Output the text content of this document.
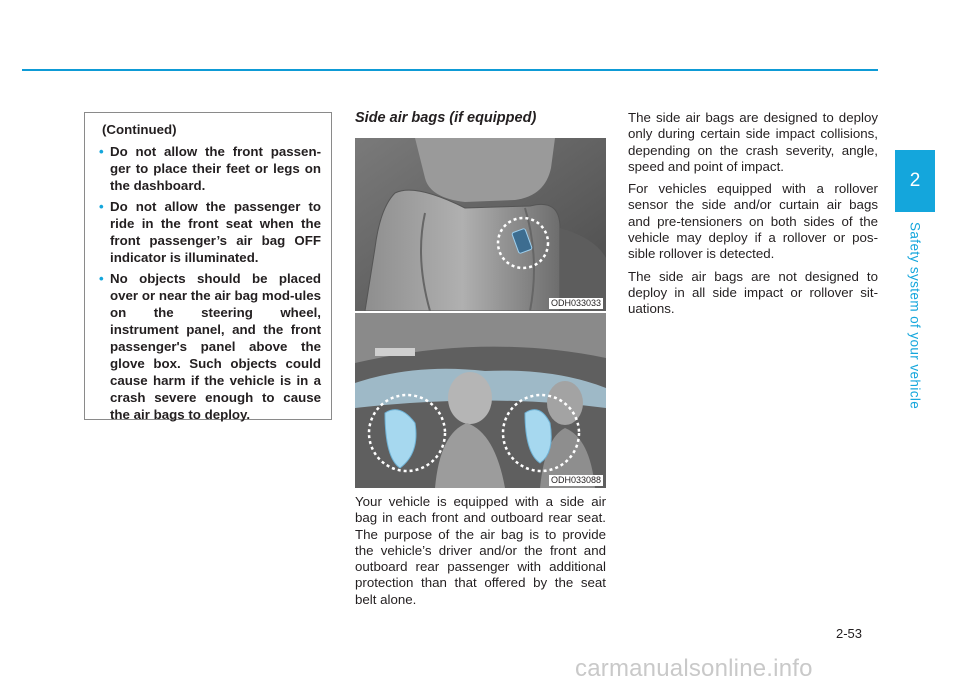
2
Safety system of your vehicle
(Continued)
• Do not allow the front passen-ger to place their feet or legs on the dashboard.
• Do not allow the passenger to ride in the front seat when the front passenger’s air bag OFF indicator is illuminated.
• No objects should be placed over or near the air bag mod-ules on the steering wheel, instrument panel, and the front passenger's panel above the glove box. Such objects could cause harm if the vehicle is in a crash severe enough to cause the air bags to deploy.
Side air bags (if equipped)
ODH033033
ODH033088

Your vehicle is equipped with a side air bag in each front and outboard rear seat. The purpose of the air bag is to provide the vehicle’s driver and/or the front and outboard rear passenger with additional protection than that offered by the seat belt alone.

The side air bags are designed to deploy only during certain side impact collisions, depending on the crash severity, angle, speed and point of impact.

For vehicles equipped with a rollover sensor the side and/or curtain air bags and pre-tensioners on both sides of the vehicle may deploy if a rollover or pos-sible rollover is detected.

The side air bags are not designed to deploy in all side impact or rollover sit-uations.

2-53
carmanualsonline.info
